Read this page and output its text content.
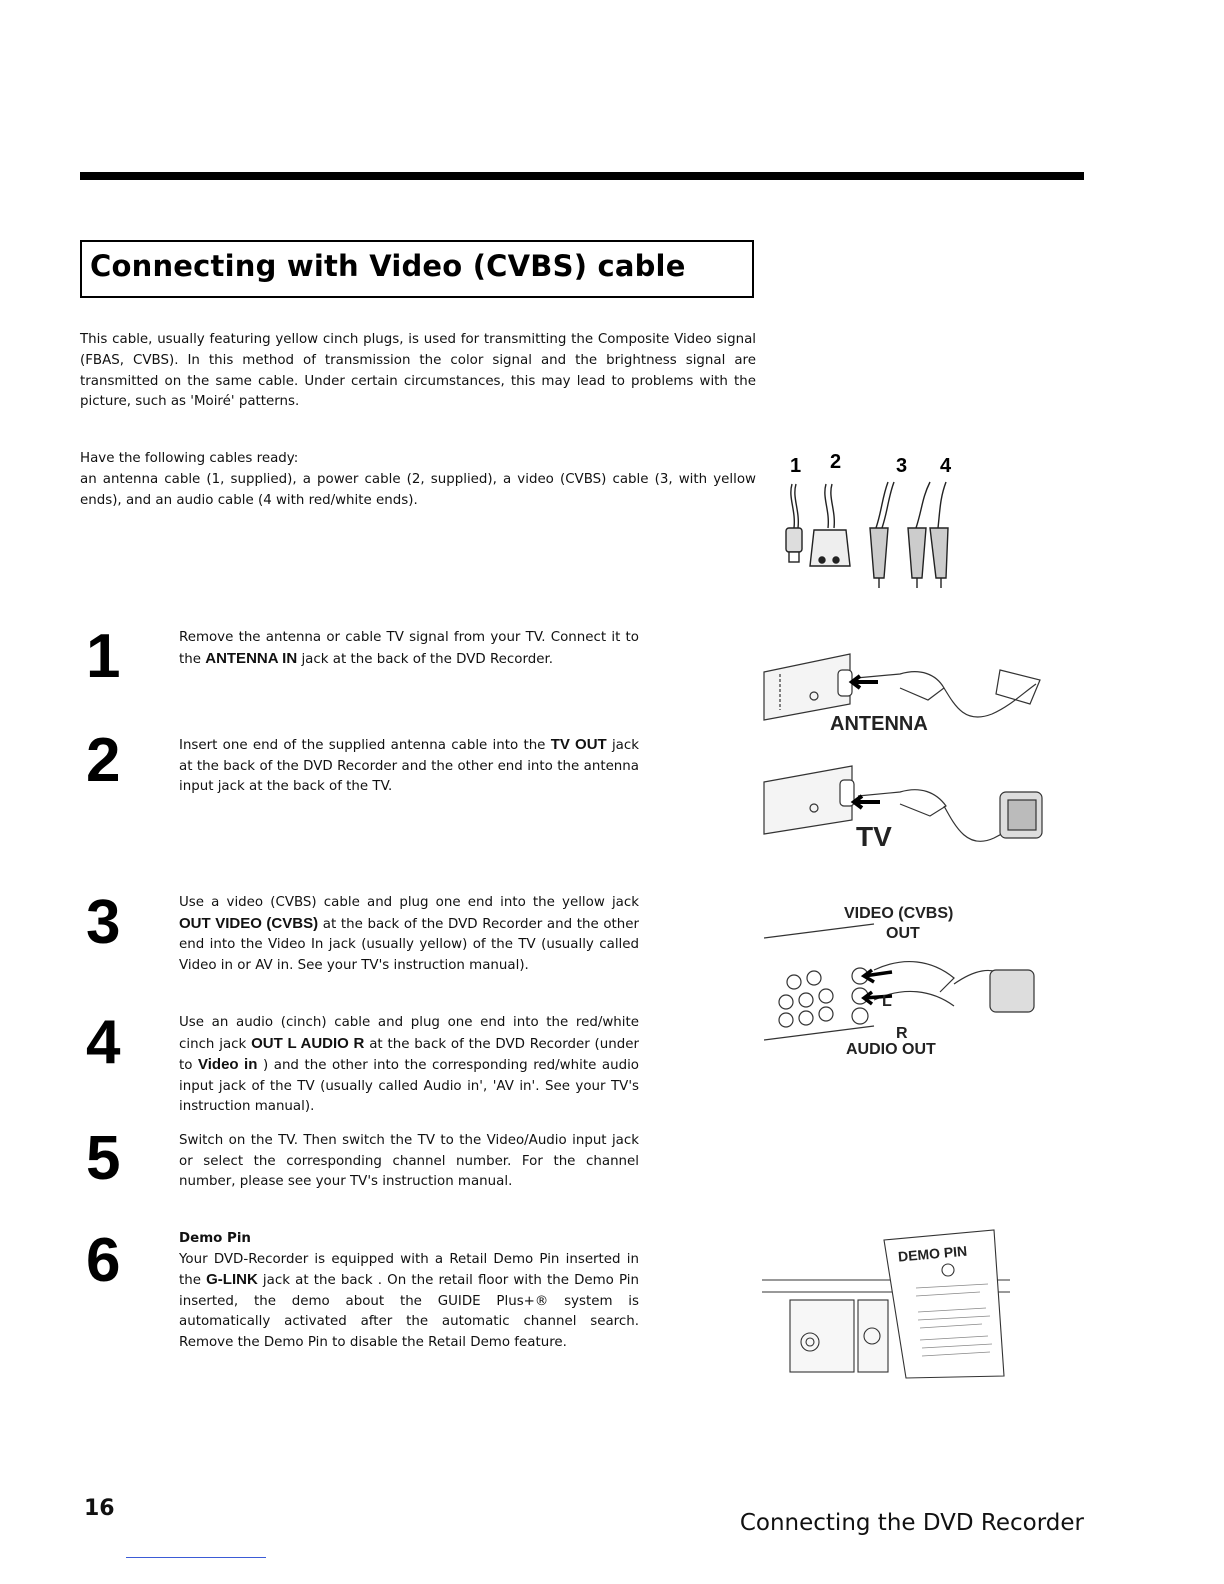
Connecting with Video (CVBS) cable
This cable, usually featuring yellow cinch plugs, is used for transmitting the Composite Video signal (FBAS, CVBS). In this method of transmission the color signal and the brightness signal are transmitted on the same cable. Under certain circumstances, this may lead to problems with the picture, such as 'Moiré' patterns.
Have the following cables ready:
an antenna cable (1, supplied), a power cable (2, supplied), a video (CVBS) cable (3, with yellow ends), and an audio cable (4 with red/white ends).
1 2	3 4
1	Remove the antenna or cable TV signal from your TV. Connect it to the ANTENNA IN jack at the back of the DVD Recorder.
ANTENNA
2	Insert one end of the supplied antenna cable into the TV OUT jack at the back of the DVD Recorder and the other end into the antenna input jack at the back of the TV.
TV
3	Use a video (CVBS) cable and plug one end into the yellow jack OUT VIDEO (CVBS) at the back of the DVD Recorder and the other end into the Video In jack (usually yellow) of the TV (usually called Video in or AV in. See your TV's instruction manual).
VIDEO (CVBS)
OUT
L
R
AUDIO OUT
4	Use an audio (cinch) cable and plug one end into the red/white cinch jack OUT L AUDIO R at the back of the DVD Recorder (under to Video in ) and the other into the corresponding red/white audio input jack of the TV (usually called Audio in', 'AV in'. See your TV's instruction manual).
5	Switch on the TV. Then switch the TV to the Video/Audio input jack or select the corresponding channel number. For the channel number, please see your TV's instruction manual.
6	Demo Pin
Your DVD-Recorder is equipped with a Retail Demo Pin inserted in the G-LINK jack at the back . On the retail floor with the Demo Pin inserted, the demo about the GUIDE Plus+® system is automatically activated after the automatic channel search. Remove the Demo Pin to disable the Retail Demo feature.
DEMO PIN
16
Connecting the DVD Recorder
